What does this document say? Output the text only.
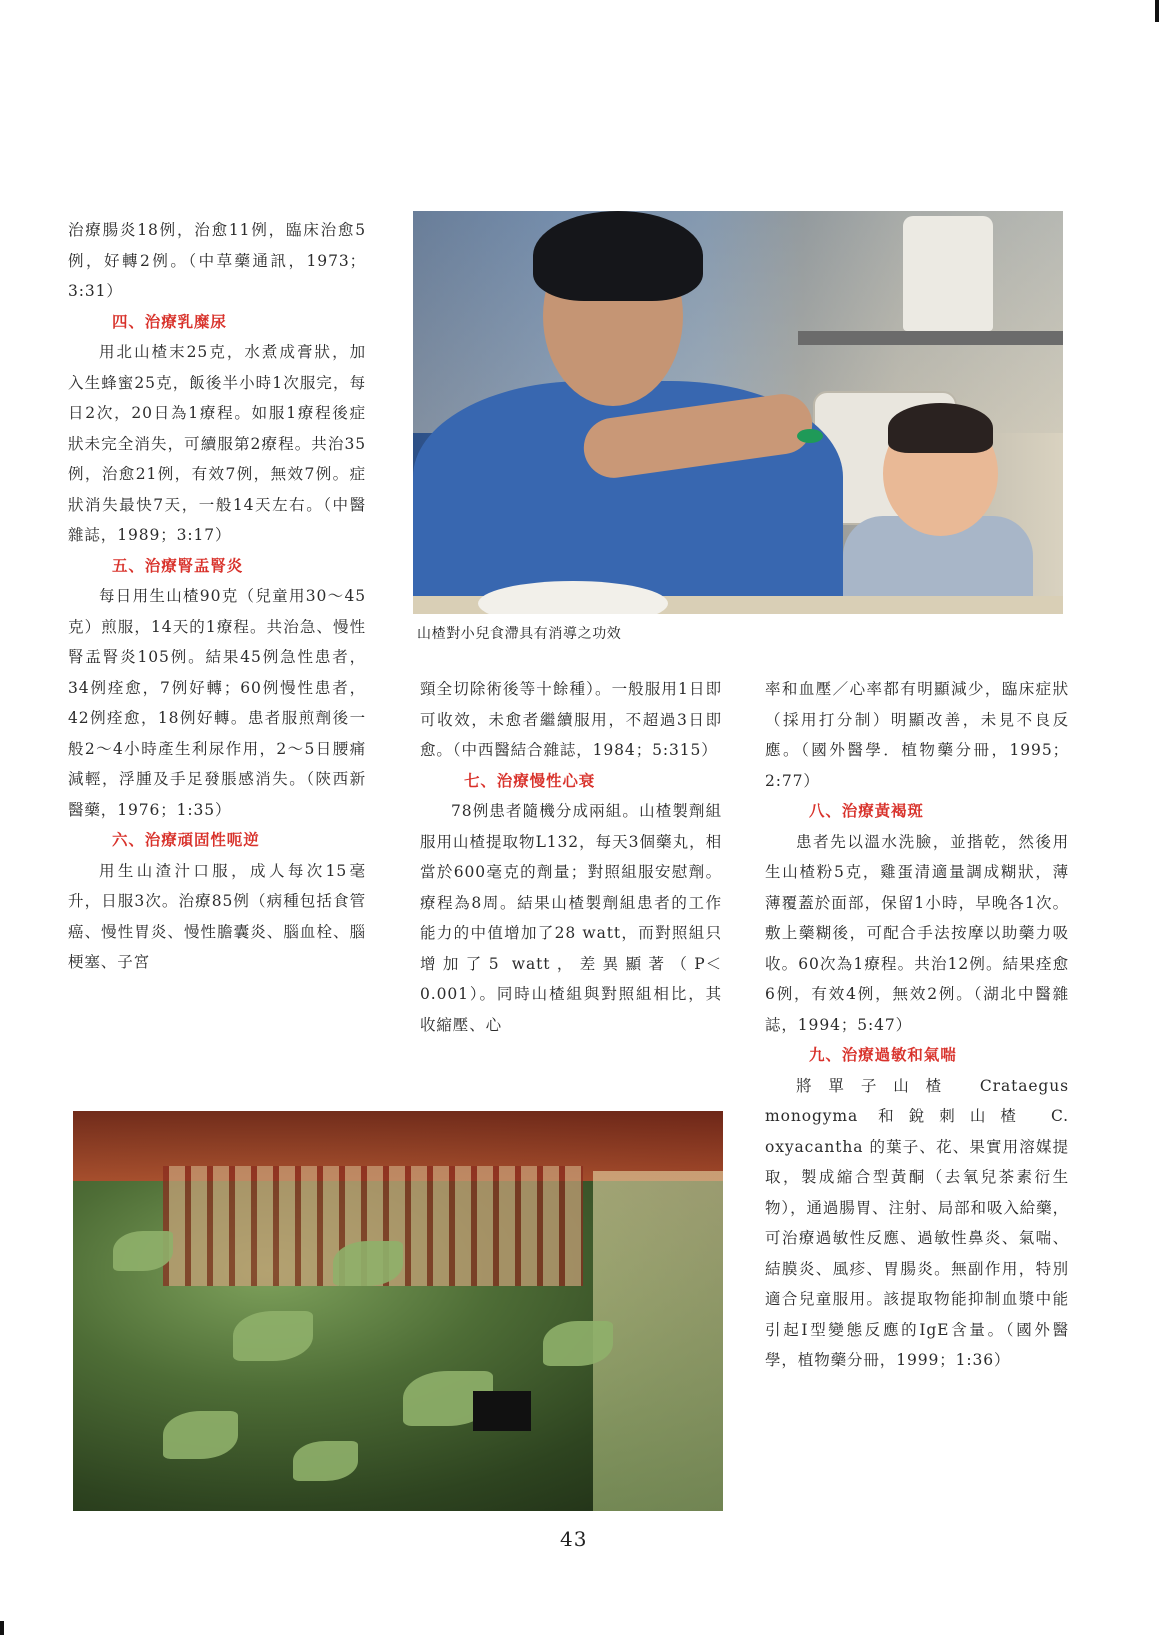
治療腸炎18例，治愈11例，臨床治愈5例，好轉2例。（中草藥通訊，1973；3:31）

四、治療乳糜尿

用北山楂末25克，水煮成膏狀，加入生蜂蜜25克，飯後半小時1次服完，每日2次，20日為1療程。如服1療程後症狀未完全消失，可續服第2療程。共治35例，治愈21例，有效7例，無效7例。症狀消失最快7天，一般14天左右。（中醫雜誌，1989；3:17）

五、治療腎盂腎炎

每日用生山楂90克（兒童用30～45克）煎服，14天的1療程。共治急、慢性腎盂腎炎105例。結果45例急性患者，34例痊愈，7例好轉；60例慢性患者，42例痊愈，18例好轉。患者服煎劑後一般2～4小時產生利尿作用，2～5日腰痛減輕，浮腫及手足發脹感消失。（陝西新醫藥，1976；1:35）

六、治療頑固性呃逆

用生山渣汁口服，成人每次15毫升，日服3次。治療85例（病種包括食管癌、慢性胃炎、慢性膽囊炎、腦血栓、腦梗塞、子宮

山楂對小兒食滯具有消導之功效

頸全切除術後等十餘種）。一般服用1日即可收效，未愈者繼續服用，不超過3日即愈。（中西醫結合雜誌，1984；5:315）

七、治療慢性心衰

78例患者隨機分成兩組。山楂製劑組服用山楂提取物L132，每天3個藥丸，相當於600毫克的劑量；對照組服安慰劑。療程為8周。結果山楂製劑組患者的工作能力的中值增加了28 watt，而對照組只增加了5 watt，差異顯著（P＜0.001）。同時山楂組與對照組相比，其收縮壓、心

率和血壓／心率都有明顯減少，臨床症狀（採用打分制）明顯改善，未見不良反應。（國外醫學．植物藥分冊，1995；2:77）

八、治療黃褐斑

患者先以溫水洗臉，並揩乾，然後用生山楂粉5克，雞蛋清適量調成糊狀，薄薄覆蓋於面部，保留1小時，早晚各1次。敷上藥糊後，可配合手法按摩以助藥力吸收。60次為1療程。共治12例。結果痊愈6例，有效4例，無效2例。（湖北中醫雜誌，1994；5:47）

九、治療過敏和氣喘

將單子山楂 Crataegus monogyma 和銳刺山楂 C. oxyacantha 的葉子、花、果實用溶媒提取，製成縮合型黃酮（去氧兒茶素衍生物），通過腸胃、注射、局部和吸入給藥，可治療過敏性反應、過敏性鼻炎、氣喘、結膜炎、風疹、胃腸炎。無副作用，特別適合兒童服用。該提取物能抑制血漿中能引起I型變態反應的IgE含量。（國外醫學，植物藥分冊，1999；1:36）

43
